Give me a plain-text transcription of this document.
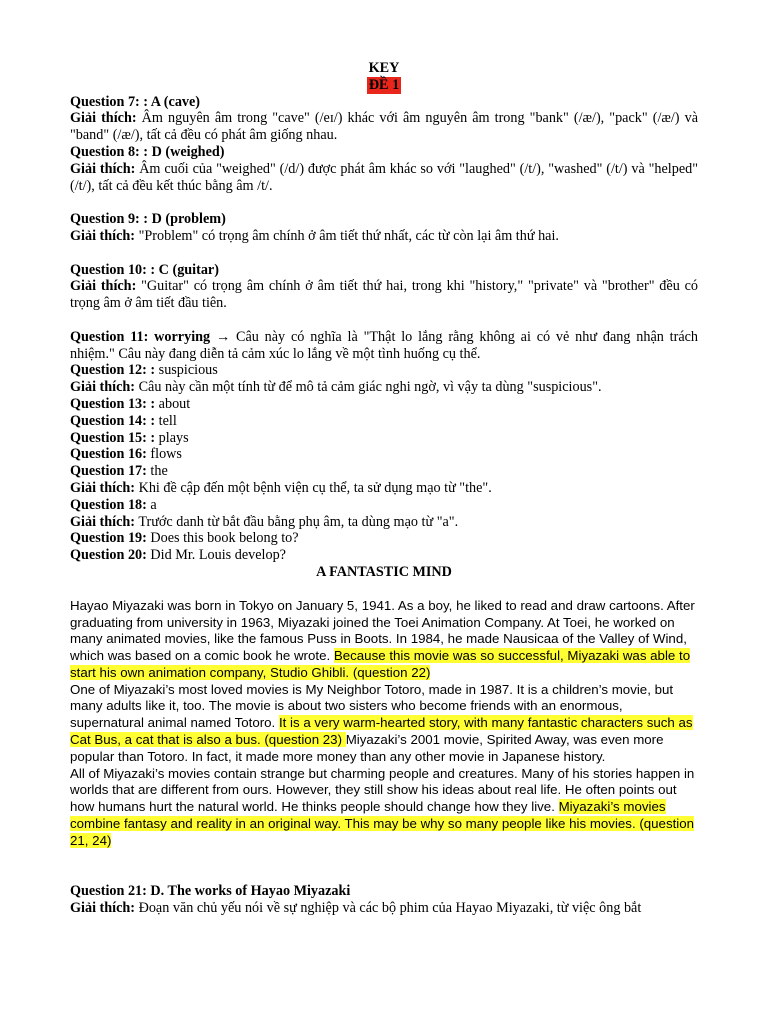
KEY
ĐỀ 1

Question 7: : A (cave)

Giải thích: Âm nguyên âm trong "cave" (/eɪ/) khác với âm nguyên âm trong "bank" (/æ/), "pack" (/æ/) và "band" (/æ/), tất cả đều có phát âm giống nhau.

Question 8: : D (weighed)

Giải thích: Âm cuối của "weighed" (/d/) được phát âm khác so với "laughed" (/t/), "washed" (/t/) và "helped" (/t/), tất cả đều kết thúc bằng âm /t/.

Question 9: : D (problem)

Giải thích: "Problem" có trọng âm chính ở âm tiết thứ nhất, các từ còn lại âm thứ hai.

Question 10: : C (guitar)

Giải thích: "Guitar" có trọng âm chính ở âm tiết thứ hai, trong khi "history," "private" và "brother" đều có trọng âm ở âm tiết đầu tiên.

Question 11: worrying → Câu này có nghĩa là "Thật lo lắng rằng không ai có vẻ như đang nhận trách nhiệm." Câu này đang diễn tả cảm xúc lo lắng về một tình huống cụ thể.

Question 12: : suspicious

Giải thích: Câu này cần một tính từ để mô tả cảm giác nghi ngờ, vì vậy ta dùng "suspicious".

Question 13: : about

Question 14: : tell

Question 15: : plays

Question 16: flows

Question 17: the

Giải thích: Khi đề cập đến một bệnh viện cụ thể, ta sử dụng mạo từ "the".

Question 18: a

Giải thích: Trước danh từ bắt đầu bằng phụ âm, ta dùng mạo từ "a".

Question 19: Does this book belong to?

Question 20: Did Mr. Louis develop?

A FANTASTIC MIND

Hayao Miyazaki was born in Tokyo on January 5, 1941. As a boy, he liked to read and draw cartoons. After graduating from university in 1963, Miyazaki joined the Toei Animation Company. At Toei, he worked on many animated movies, like the famous Puss in Boots. In 1984, he made Nausicaa of the Valley of Wind, which was based on a comic book he wrote. Because this movie was so successful, Miyazaki was able to start his own animation company, Studio Ghibli. (question 22)

One of Miyazaki’s most loved movies is My Neighbor Totoro, made in 1987. It is a children’s movie, but many adults like it, too. The movie is about two sisters who become friends with an enormous, supernatural animal named Totoro. It is a very warm-hearted story, with many fantastic characters such as Cat Bus, a cat that is also a bus. (question 23) Miyazaki’s 2001 movie, Spirited Away, was even more popular than Totoro. In fact, it made more money than any other movie in Japanese history.

All of Miyazaki’s movies contain strange but charming people and creatures. Many of his stories happen in worlds that are different from ours. However, they still show his ideas about real life. He often points out how humans hurt the natural world. He thinks people should change how they live. Miyazaki’s movies combine fantasy and reality in an original way. This may be why so many people like his movies. (question 21, 24)

Question 21: D. The works of Hayao Miyazaki

Giải thích: Đoạn văn chủ yếu nói về sự nghiệp và các bộ phim của Hayao Miyazaki, từ việc ông bắt
